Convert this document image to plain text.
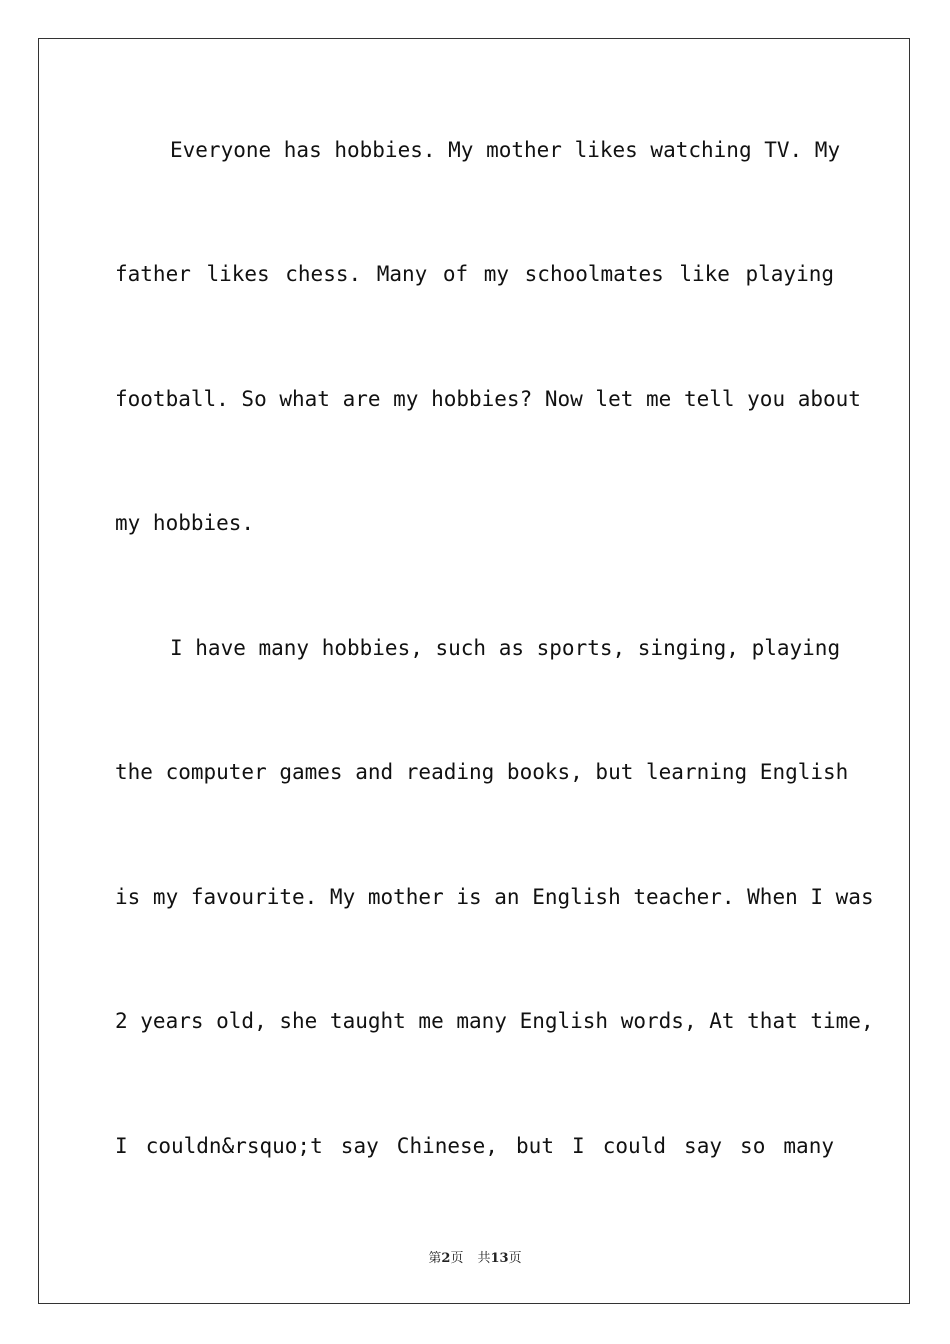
Everyone has hobbies. My mother likes watching TV. My
father likes chess. Many of my schoolmates like playing
football. So what are my hobbies? Now let me tell you about
my hobbies.
I have many hobbies, such as sports, singing, playing
the computer games and reading books, but learning English
is my favourite. My mother is an English teacher. When I was
2 years old, she taught me many English words, At that time,
I couldn&rsquo;t say Chinese, but I could say so many
第2页 共13页
